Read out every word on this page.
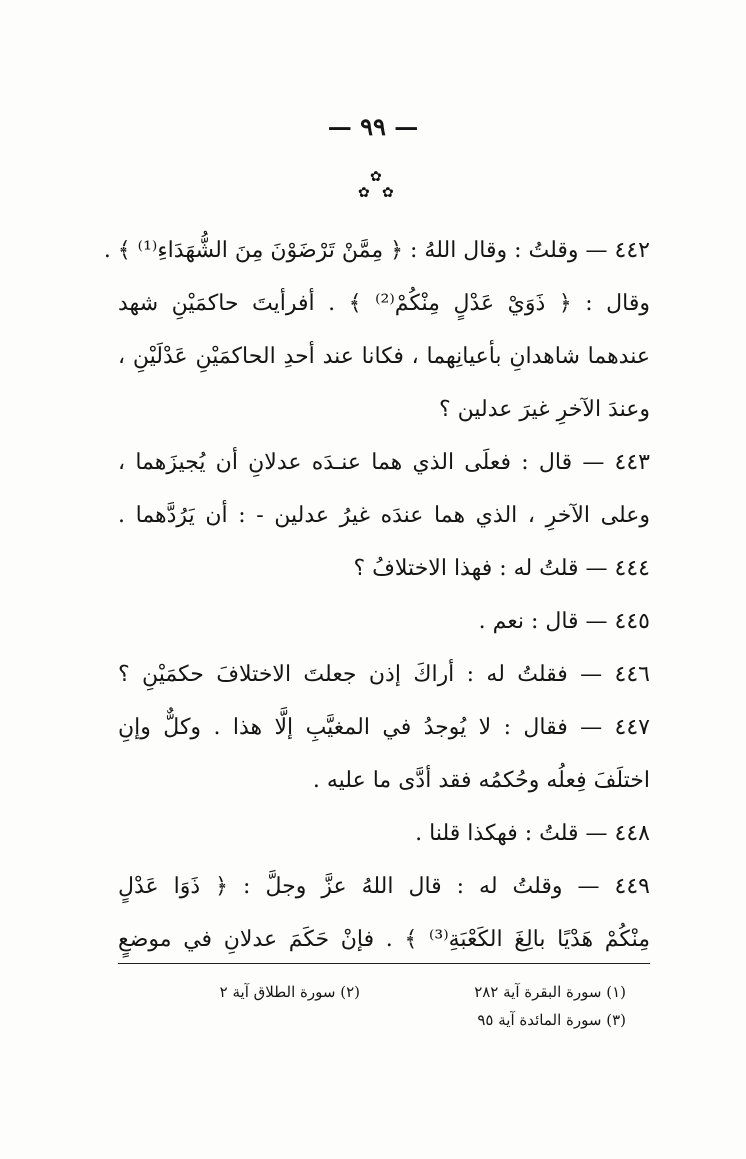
— ٩٩ —
✿
✿ ✿
٤٤٢ — وقلتُ : وقال اللهُ : ﴿ مِمَّنْ تَرْضَوْنَ مِنَ الشُّهَدَاءِ⁽¹⁾ ﴾ .
وقال : ﴿ ذَوَيْ عَدْلٍ مِنْكُمْ⁽²⁾ ﴾ . أفرأيتَ حاكمَيْنِ شهد
عندهما شاهدانِ بأعيانِهما ، فكانا عند أحدِ الحاكمَيْنِ عَدْلَيْنِ ،
وعندَ الآخرِ غيرَ عدلين ؟
٤٤٣ — قال : فعلَى الذي هما عنـدَه عدلانِ أن يُجيزَهما ،
وعلى الآخرِ ، الذي هما عندَه غيرُ عدلين - : أن يَرُدَّهما .
٤٤٤ — قلتُ له : فهذا الاختلافُ ؟
٤٤٥ — قال : نعم .
٤٤٦ — فقلتُ له : أراكَ إذن جعلتَ الاختلافَ حكمَيْنِ ؟
٤٤٧ — فقال : لا يُوجدُ في المغيَّبِ إلَّا هذا . وكلٌّ وإنِ
اختلَفَ فِعلُه وحُكمُه فقد أدَّى ما عليه .
٤٤٨ — قلتُ : فهكذا قلنا .
٤٤٩ — وقلتُ له : قال اللهُ عزَّ وجلَّ : ﴿ ذَوَا عَدْلٍ
مِنْكُمْ هَدْيًا بالِغَ الكَعْبَةِ⁽³⁾ ﴾ . فإنْ حَكَمَ عدلانِ في موضعٍ
(١) سورة البقرة آية ٢٨٢
(٢) سورة الطلاق آية ٢
(٣) سورة المائدة آية ٩٥
